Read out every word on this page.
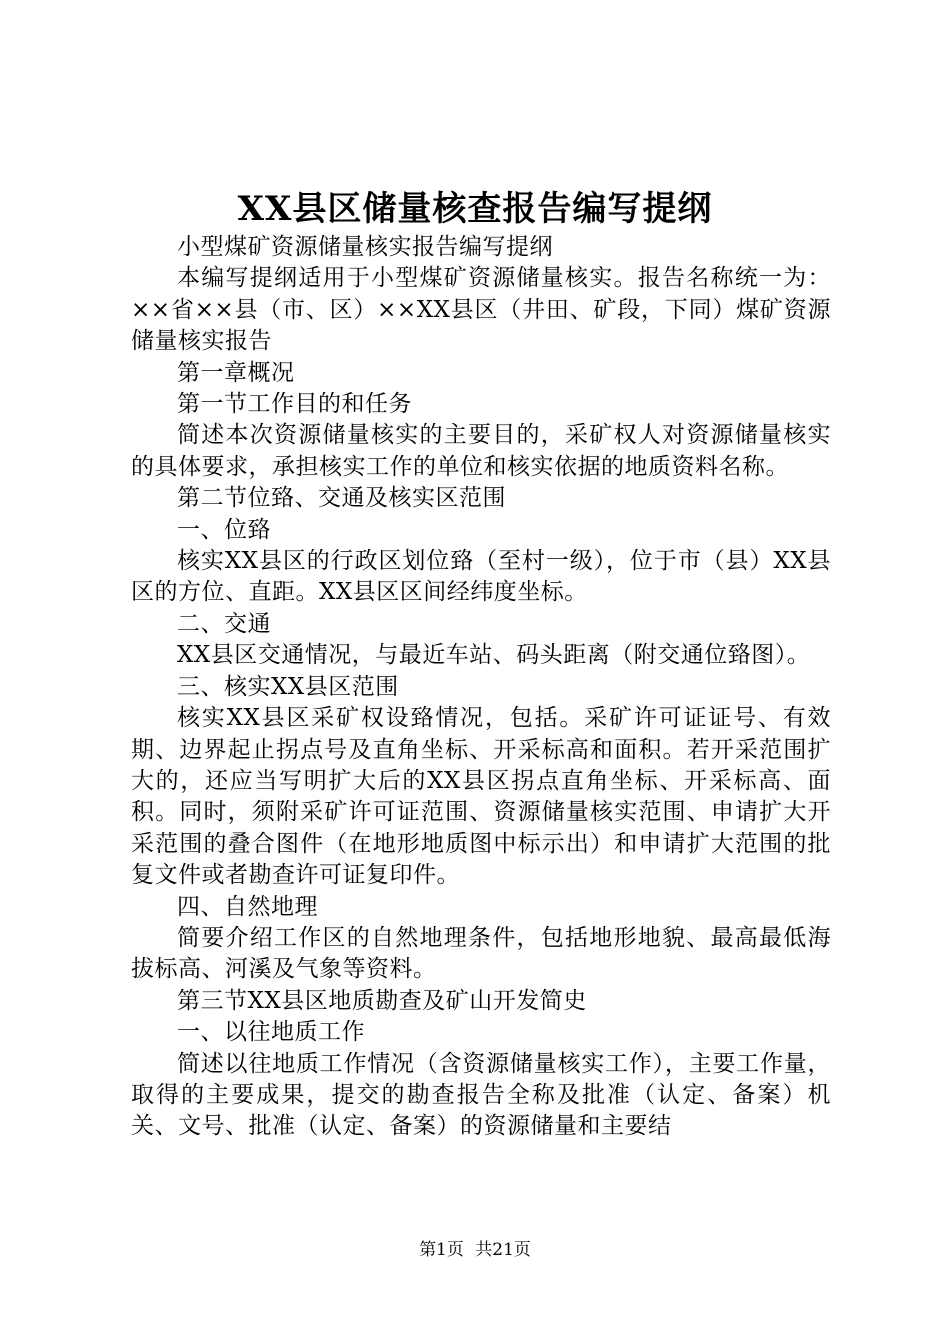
XX县区储量核查报告编写提纲

小型煤矿资源储量核实报告编写提纲

本编写提纲适用于小型煤矿资源储量核实。报告名称统一为：××省××县（市、区）××XX县区（井田、矿段，下同）煤矿资源储量核实报告

第一章概况

第一节工作目的和任务

简述本次资源储量核实的主要目的，采矿权人对资源储量核实的具体要求，承担核实工作的单位和核实依据的地质资料名称。

第二节位臵、交通及核实区范围

一、位臵

核实XX县区的行政区划位臵（至村一级），位于市（县）XX县区的方位、直距。XX县区区间经纬度坐标。

二、交通

XX县区交通情况，与最近车站、码头距离（附交通位臵图）。

三、核实XX县区范围

核实XX县区采矿权设臵情况，包括。采矿许可证证号、有效期、边界起止拐点号及直角坐标、开采标高和面积。若开采范围扩大的，还应当写明扩大后的XX县区拐点直角坐标、开采标高、面积。同时，须附采矿许可证范围、资源储量核实范围、申请扩大开采范围的叠合图件（在地形地质图中标示出）和申请扩大范围的批复文件或者勘查许可证复印件。

四、自然地理

简要介绍工作区的自然地理条件，包括地形地貌、最高最低海拔标高、河溪及气象等资料。

第三节XX县区地质勘查及矿山开发简史

一、以往地质工作

简述以往地质工作情况（含资源储量核实工作），主要工作量，取得的主要成果，提交的勘查报告全称及批准（认定、备案）机关、文号、批准（认定、备案）的资源储量和主要结

第1页 共21页
